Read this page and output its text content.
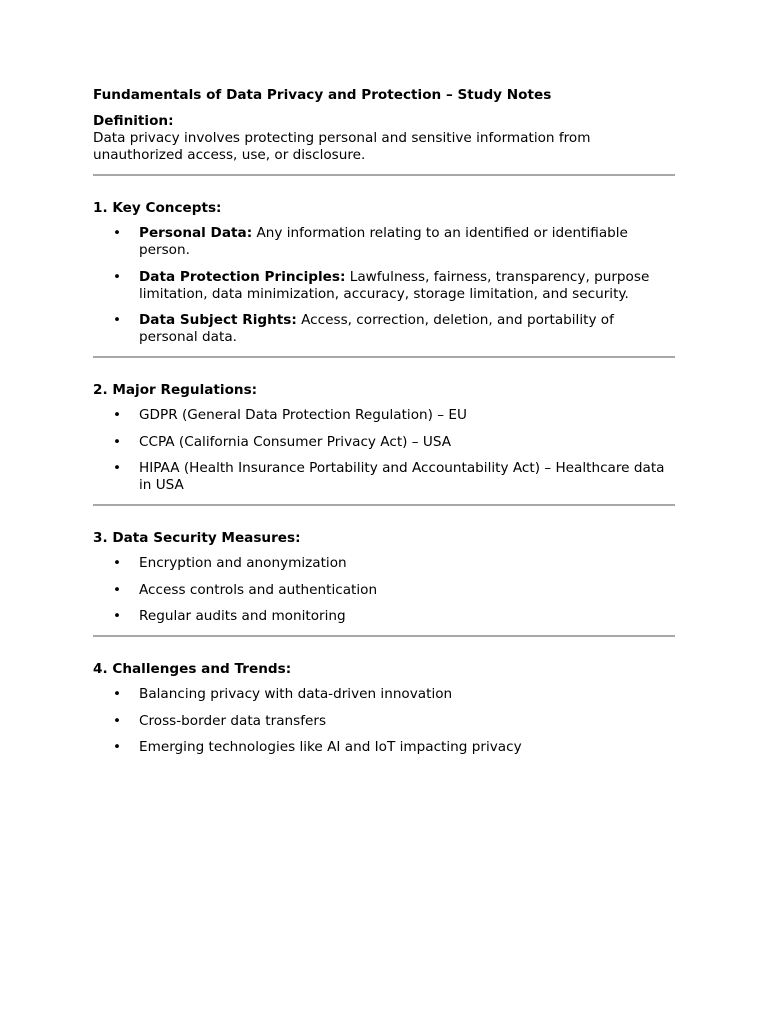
Fundamentals of Data Privacy and Protection – Study Notes

Definition:

Data privacy involves protecting personal and sensitive information from unauthorized access, use, or disclosure.

1. Key Concepts:

• Personal Data: Any information relating to an identified or identifiable person.
• Data Protection Principles: Lawfulness, fairness, transparency, purpose limitation, data minimization, accuracy, storage limitation, and security.
• Data Subject Rights: Access, correction, deletion, and portability of personal data.

2. Major Regulations:

• GDPR (General Data Protection Regulation) – EU
• CCPA (California Consumer Privacy Act) – USA
• HIPAA (Health Insurance Portability and Accountability Act) – Healthcare data in USA

3. Data Security Measures:

• Encryption and anonymization
• Access controls and authentication
• Regular audits and monitoring

4. Challenges and Trends:

• Balancing privacy with data-driven innovation
• Cross-border data transfers
• Emerging technologies like AI and IoT impacting privacy
